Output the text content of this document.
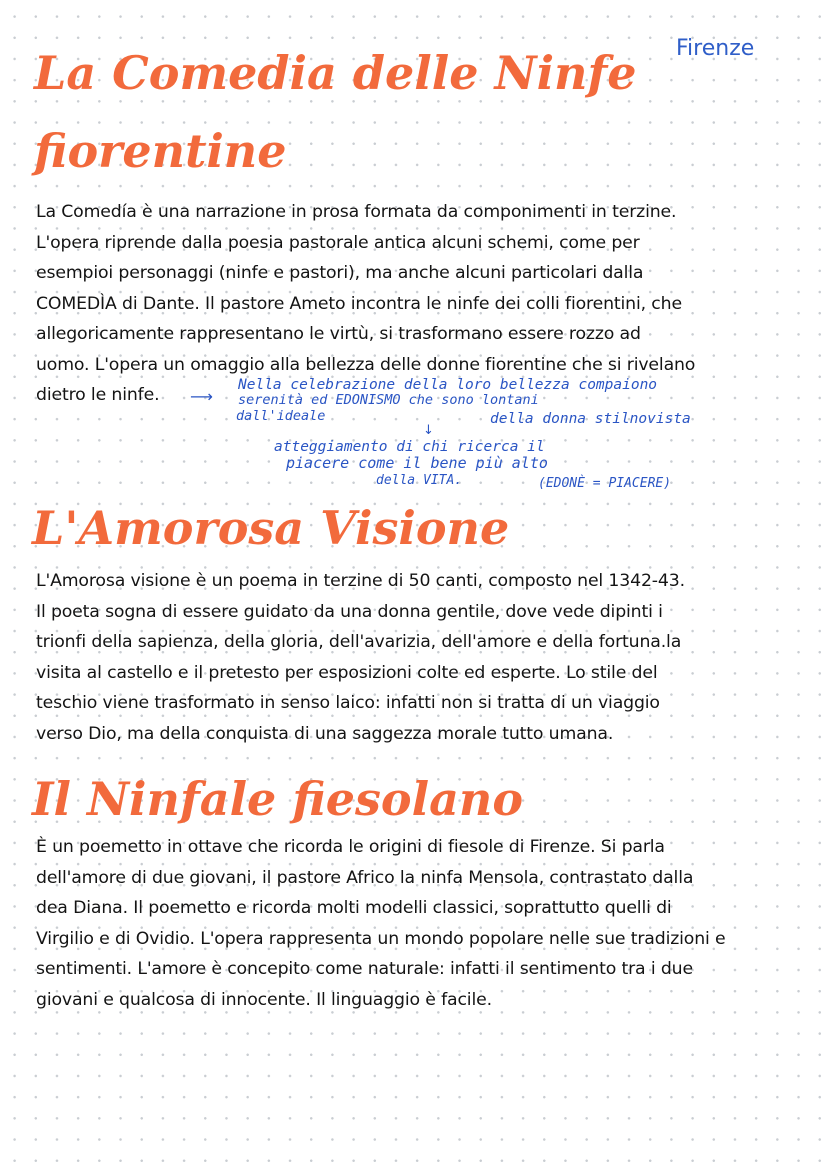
Firenze
La Comedia delle Ninfe
fiorentine
La Comedía è una narrazione in prosa formata da componimenti in terzine.
L'opera riprende dalla poesia pastorale antica alcuni schemi, come per
esempioi personaggi (ninfe e pastori), ma anche alcuni particolari dalla
COMEDÌA di Dante. Il pastore Ameto incontra le ninfe dei colli fiorentini, che
allegoricamente rappresentano le virtù, si trasformano essere rozzo ad
uomo. L'opera un omaggio alla bellezza delle donne fiorentine che si rivelano
dietro le ninfe.	⟶
Nella celebrazione della loro bellezza compaiono
serenità ed EDONISMO che sono lontani
dall'ideale	della donna stilnovista
↓
atteggiamento di chi ricerca il
piacere come il bene più alto
della VITA.	(EDONÈ = PIACERE)
L'Amorosa Visione
L'Amorosa visione è un poema in terzine di 50 canti, composto nel 1342-43.
Il poeta sogna di essere guidato da una donna gentile, dove vede dipinti i
trionfi della sapienza, della gloria, dell'avarizia, dell'amore e della fortuna.la
visita al castello e il pretesto per esposizioni colte ed esperte. Lo stile del
teschio viene trasformato in senso laico: infatti non si tratta di un viaggio
verso Dio, ma della conquista di una saggezza morale tutto umana.
Il Ninfale fiesolano
È un poemetto in ottave che ricorda le origini di fiesole di Firenze. Si parla
dell'amore di due giovani, il pastore Africo la ninfa Mensola, contrastato dalla
dea Diana. Il poemetto e ricorda molti modelli classici, soprattutto quelli di
Virgilio e di Ovidio. L'opera rappresenta un mondo popolare nelle sue tradizioni e
sentimenti. L'amore è concepito come naturale: infatti il sentimento tra i due
giovani e qualcosa di innocente. Il linguaggio è facile.
